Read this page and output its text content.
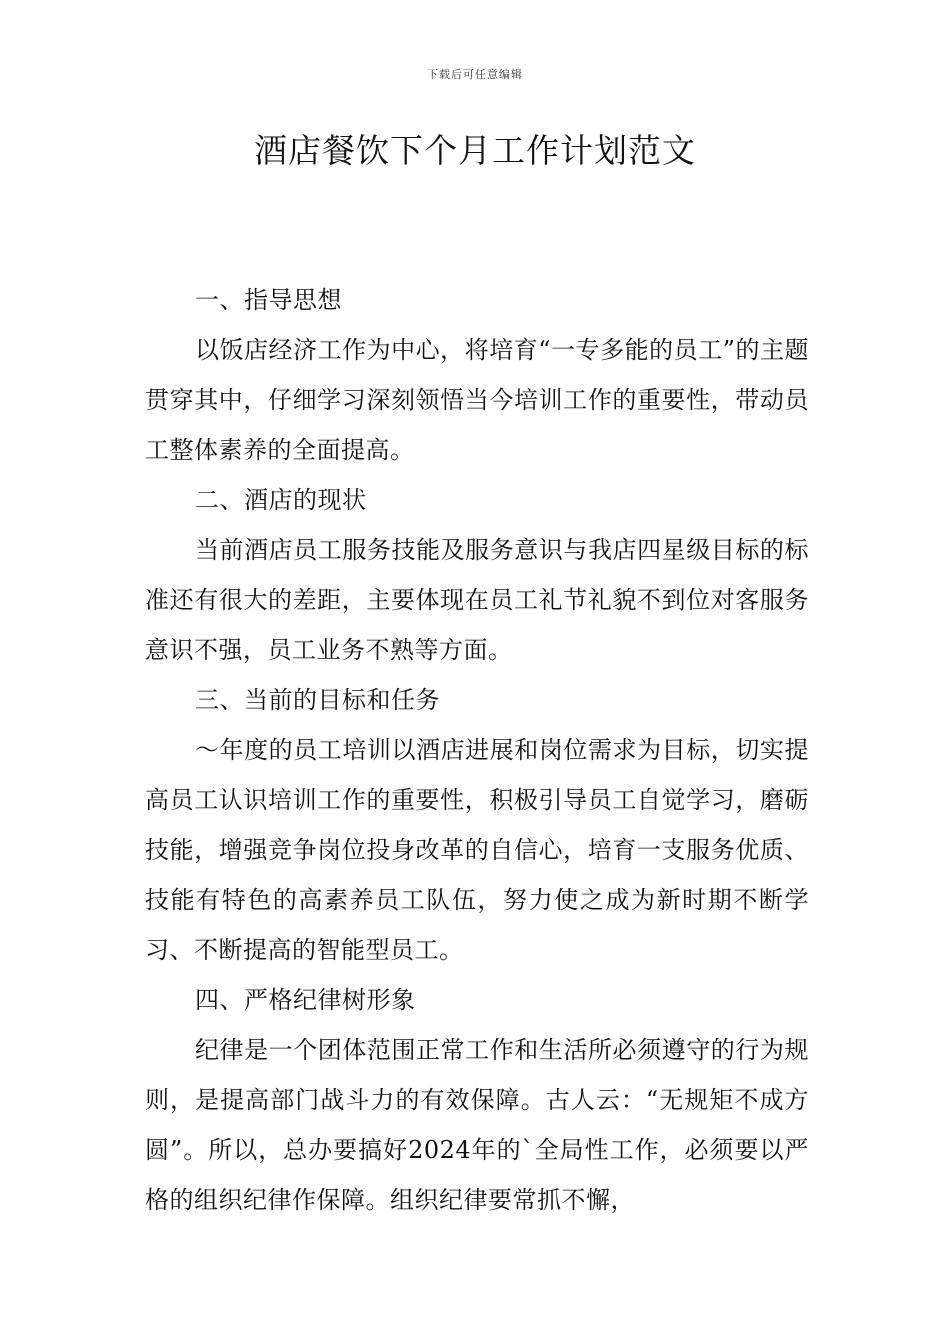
下载后可任意编辑
酒店餐饮下个月工作计划范文

一、指导思想

以饭店经济工作为中心，将培育“一专多能的员工”的主题贯穿其中，仔细学习深刻领悟当今培训工作的重要性，带动员工整体素养的全面提高。

二、酒店的现状

当前酒店员工服务技能及服务意识与我店四星级目标的标准还有很大的差距，主要体现在员工礼节礼貌不到位对客服务意识不强，员工业务不熟等方面。

三、当前的目标和任务

～年度的员工培训以酒店进展和岗位需求为目标，切实提高员工认识培训工作的重要性，积极引导员工自觉学习，磨砺技能，增强竞争岗位投身改革的自信心，培育一支服务优质、技能有特色的高素养员工队伍，努力使之成为新时期不断学习、不断提高的智能型员工。

四、严格纪律树形象

纪律是一个团体范围正常工作和生活所必须遵守的行为规则，是提高部门战斗力的有效保障。古人云：“无规矩不成方圆”。所以，总办要搞好2024年的`全局性工作，必须要以严格的组织纪律作保障。组织纪律要常抓不懈，
